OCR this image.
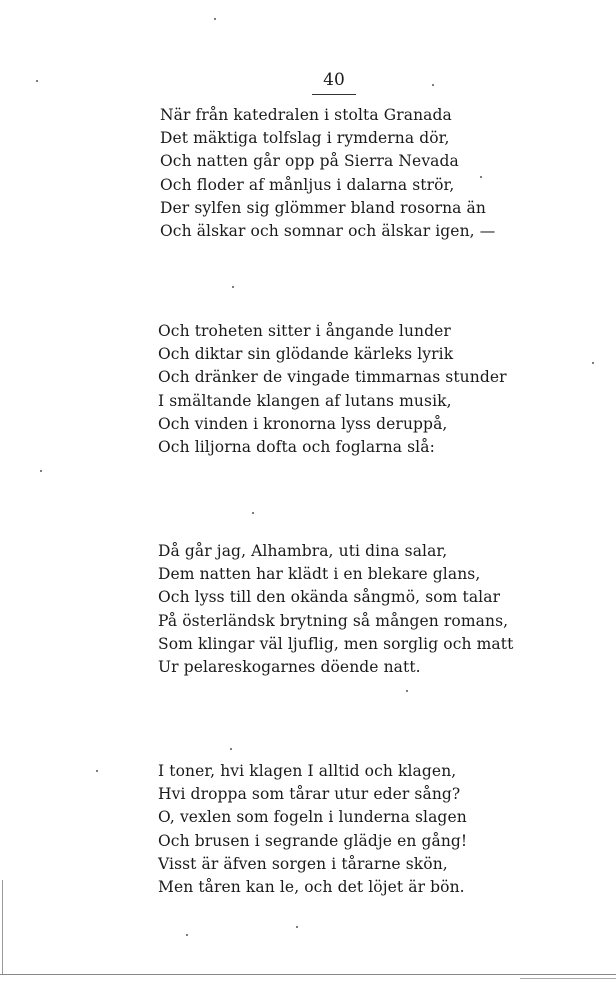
40
När från katedralen i stolta Granada
Det mäktiga tolfslag i rymderna dör,
Och natten går opp på Sierra Nevada
Och floder af månljus i dalarna strör,
Der sylfen sig glömmer bland rosorna än
Och älskar och somnar och älskar igen, —
Och troheten sitter i ångande lunder
Och diktar sin glödande kärleks lyrik
Och dränker de vingade timmarnas stunder
I smältande klangen af lutans musik,
Och vinden i kronorna lyss deruppå,
Och liljorna dofta och foglarna slå:
Då går jag, Alhambra, uti dina salar,
Dem natten har klädt i en blekare glans,
Och lyss till den okända sångmö, som talar
På österländsk brytning så mången romans,
Som klingar väl ljuflig, men sorglig och matt
Ur pelareskogarnes döende natt.
I toner, hvi klagen I alltid och klagen,
Hvi droppa som tårar utur eder sång?
O, vexlen som fogeln i lunderna slagen
Och brusen i segrande glädje en gång!
Visst är äfven sorgen i tårarne skön,
Men tåren kan le, och det löjet är bön.
